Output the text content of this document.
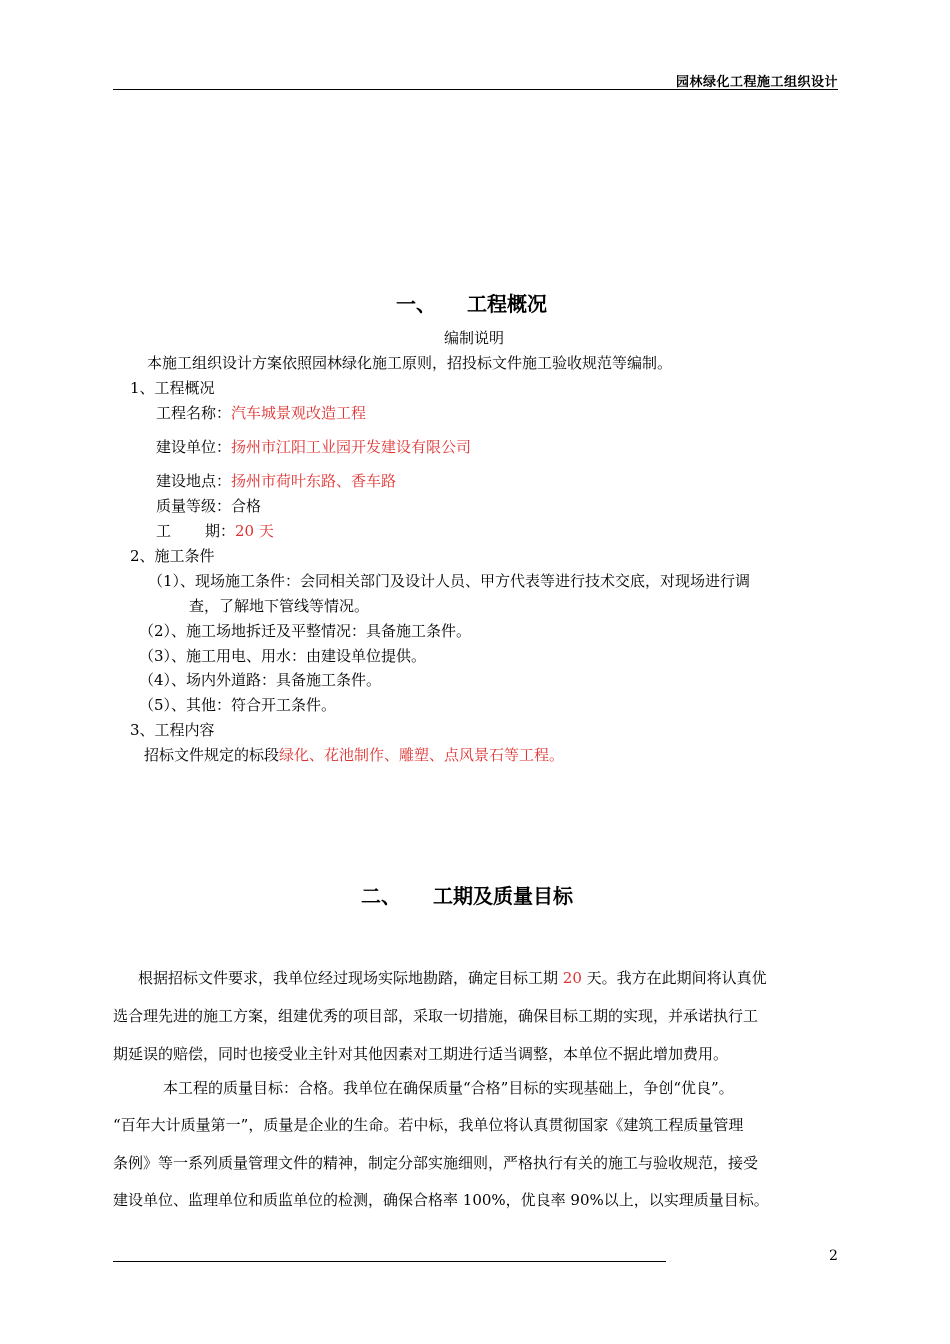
园林绿化工程施工组织设计
一、 工程概况
编制说明
本施工组织设计方案依照园林绿化施工原则，招投标文件施工验收规范等编制。
1、工程概况
工程名称：汽车城景观改造工程
建设单位：扬州市江阳工业园开发建设有限公司
建设地点：扬州市荷叶东路、香车路
质量等级：合格
工 期：20 天
2、施工条件
（1）、现场施工条件：会同相关部门及设计人员、甲方代表等进行技术交底，对现场进行调
查，了解地下管线等情况。
（2）、施工场地拆迁及平整情况：具备施工条件。
（3）、施工用电、用水：由建设单位提供。
（4）、场内外道路：具备施工条件。
（5）、其他：符合开工条件。
3、工程内容
招标文件规定的标段绿化、花池制作、雕塑、点风景石等工程。
二、 工期及质量目标
根据招标文件要求，我单位经过现场实际地勘踏，确定目标工期 20 天。我方在此期间将认真优
选合理先进的施工方案，组建优秀的项目部，采取一切措施，确保目标工期的实现，并承诺执行工
期延误的赔偿，同时也接受业主针对其他因素对工期进行适当调整，本单位不据此增加费用。
本工程的质量目标：合格。我单位在确保质量“合格”目标的实现基础上，争创“优良”。
“百年大计质量第一”，质量是企业的生命。若中标，我单位将认真贯彻国家《建筑工程质量管理
条例》等一系列质量管理文件的精神，制定分部实施细则，严格执行有关的施工与验收规范，接受
建设单位、监理单位和质监单位的检测，确保合格率 100%，优良率 90%以上，以实理质量目标。
2
